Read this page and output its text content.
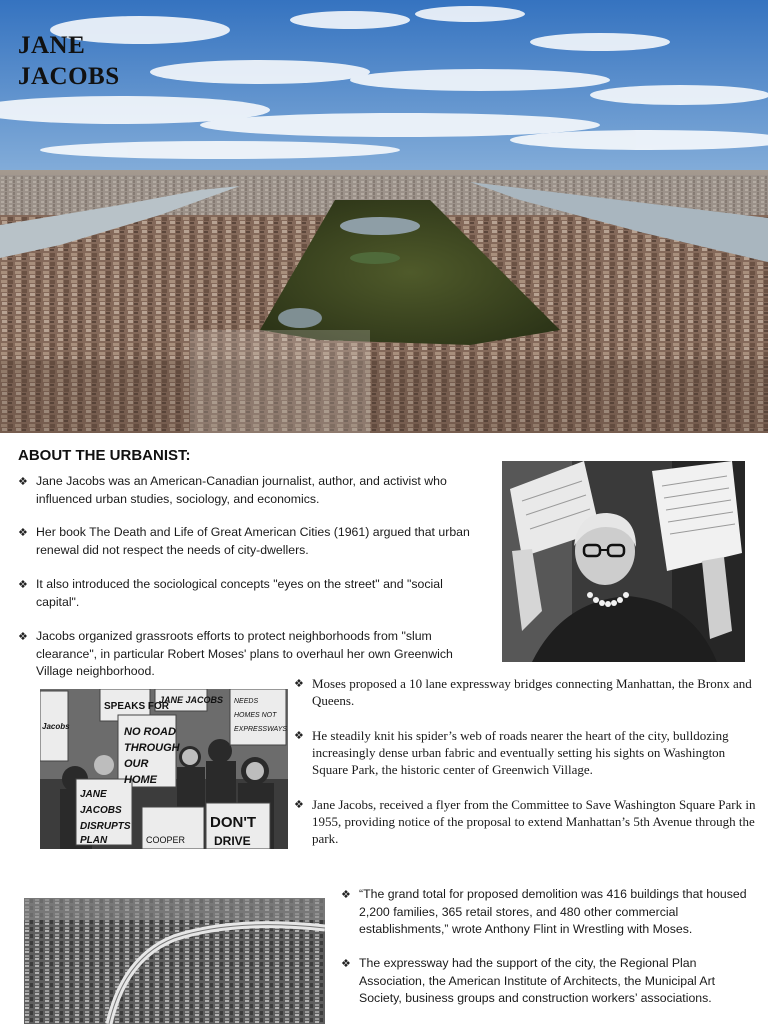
JANE
JACOBS
ABOUT THE URBANIST:
❖ Jane Jacobs was an American-Canadian journalist, author, and activist who influenced urban studies, sociology, and economics.
❖ Her book The Death and Life of Great American Cities (1961) argued that urban renewal did not respect the needs of city-dwellers.
❖ It also introduced the sociological concepts "eyes on the street" and "social capital".
❖ Jacobs organized grassroots efforts to protect neighborhoods from "slum clearance", in particular Robert Moses' plans to overhaul her own Greenwich Village neighborhood.
SPEAKS FOR
JANE JACOBS
Jacobs
NEEDS
HOMES NOT
EXPRESSWAYS
NO ROAD
THROUGH
OUR
HOME
JANE
JACOBS
DISRUPTS
PLAN
DON'T
DRIVE
COOPER
❖ Moses proposed a 10 lane expressway bridges connecting Manhattan, the Bronx and Queens.
❖ He steadily knit his spider’s web of roads nearer the heart of the city, bulldozing increasingly dense urban fabric and eventually setting his sights on Washington Square Park, the historic center of Greenwich Village.
❖ Jane Jacobs, received a flyer from the Committee to Save Washington Square Park in 1955, providing notice of the proposal to extend Manhattan’s 5th Avenue through the park.
❖ “The grand total for proposed demolition was 416 buildings that housed 2,200 families, 365 retail stores, and 480 other commercial establishments,” wrote Anthony Flint in Wrestling with Moses.
❖ The expressway had the support of the city, the Regional Plan Association, the American Institute of Architects, the Municipal Art Society, business groups and construction workers’ associations.
